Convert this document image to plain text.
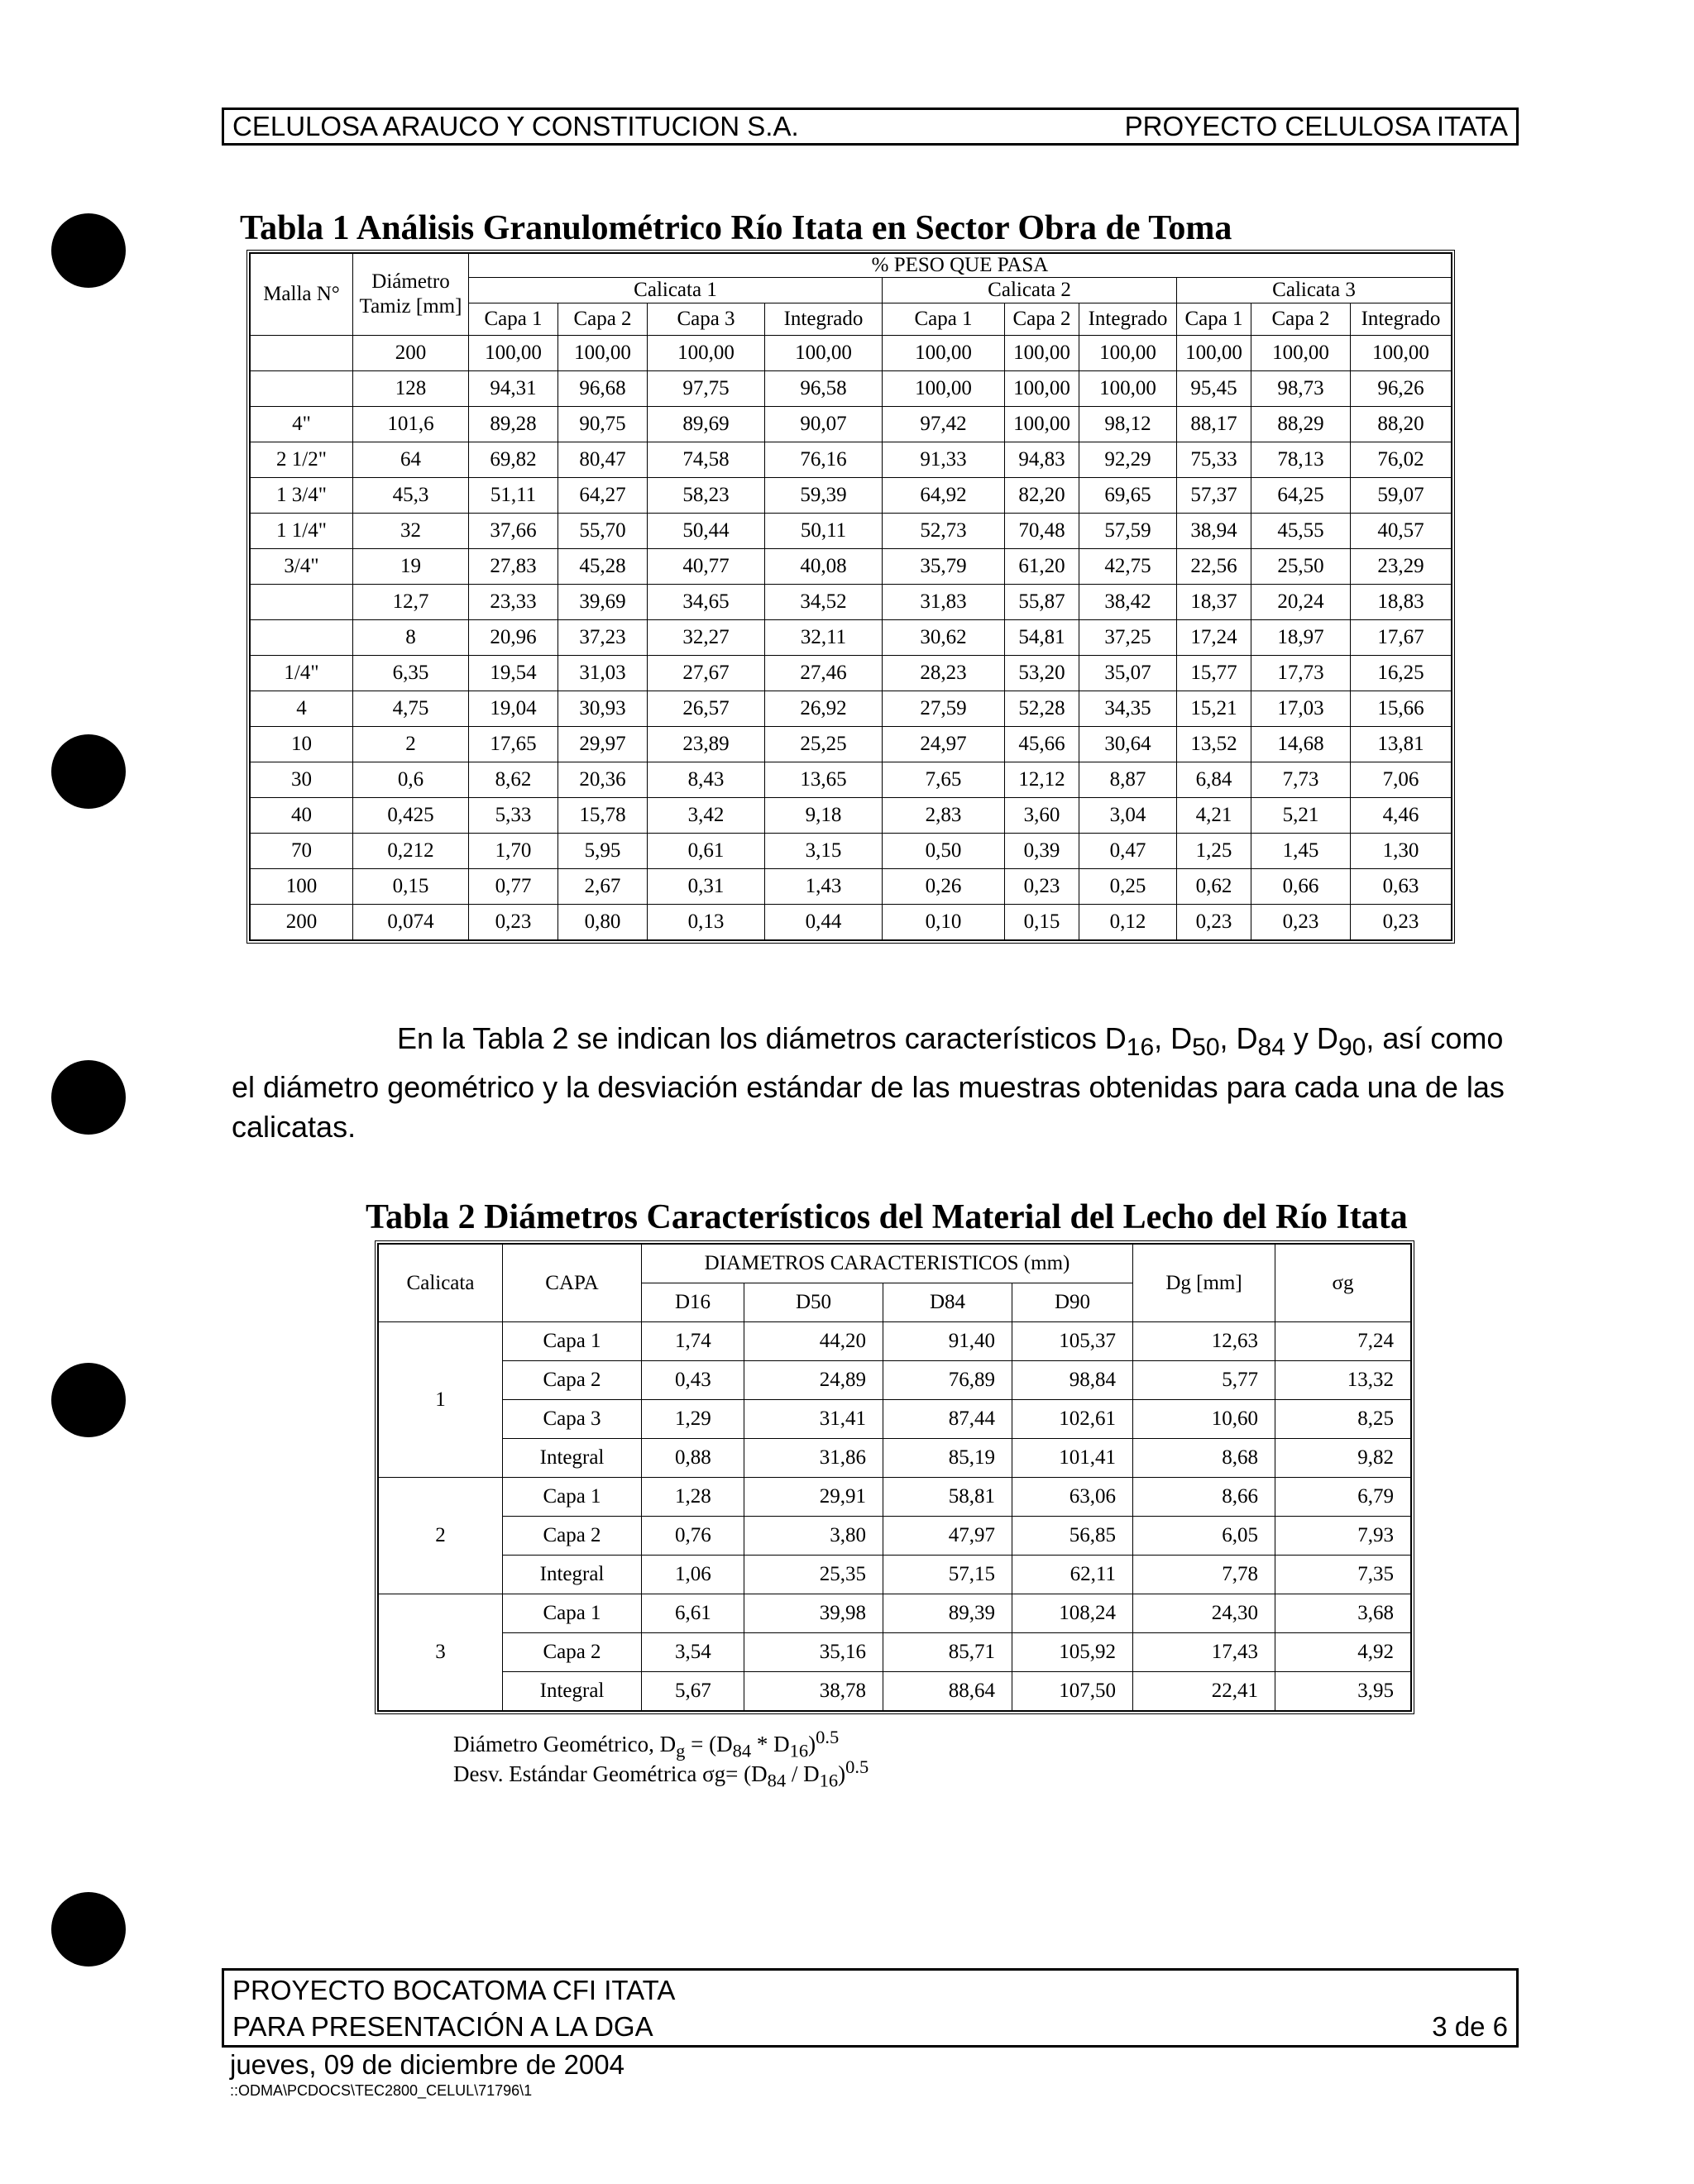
CELULOSA ARAUCO Y CONSTITUCION S.A.	PROYECTO CELULOSA ITATA
Tabla 1 Análisis Granulométrico Río Itata en Sector Obra de Toma
Malla N°	Diámetro Tamiz [mm]	% PESO QUE PASA									
		Calicata 1				Calicata 2			Calicata 3		
		Capa 1	Capa 2	Capa 3	Integrado	Capa 1	Capa 2	Integrado	Capa 1	Capa 2	Integrado
	200	100,00	100,00	100,00	100,00	100,00	100,00	100,00	100,00	100,00	100,00
	128	94,31	96,68	97,75	96,58	100,00	100,00	100,00	95,45	98,73	96,26
4"	101,6	89,28	90,75	89,69	90,07	97,42	100,00	98,12	88,17	88,29	88,20
2 1/2"	64	69,82	80,47	74,58	76,16	91,33	94,83	92,29	75,33	78,13	76,02
1 3/4"	45,3	51,11	64,27	58,23	59,39	64,92	82,20	69,65	57,37	64,25	59,07
1 1/4"	32	37,66	55,70	50,44	50,11	52,73	70,48	57,59	38,94	45,55	40,57
3/4"	19	27,83	45,28	40,77	40,08	35,79	61,20	42,75	22,56	25,50	23,29
	12,7	23,33	39,69	34,65	34,52	31,83	55,87	38,42	18,37	20,24	18,83
	8	20,96	37,23	32,27	32,11	30,62	54,81	37,25	17,24	18,97	17,67
1/4"	6,35	19,54	31,03	27,67	27,46	28,23	53,20	35,07	15,77	17,73	16,25
4	4,75	19,04	30,93	26,57	26,92	27,59	52,28	34,35	15,21	17,03	15,66
10	2	17,65	29,97	23,89	25,25	24,97	45,66	30,64	13,52	14,68	13,81
30	0,6	8,62	20,36	8,43	13,65	7,65	12,12	8,87	6,84	7,73	7,06
40	0,425	5,33	15,78	3,42	9,18	2,83	3,60	3,04	4,21	5,21	4,46
70	0,212	1,70	5,95	0,61	3,15	0,50	0,39	0,47	1,25	1,45	1,30
100	0,15	0,77	2,67	0,31	1,43	0,26	0,23	0,25	0,62	0,66	0,63
200	0,074	0,23	0,80	0,13	0,44	0,10	0,15	0,12	0,23	0,23	0,23
En la Tabla 2 se indican los diámetros característicos $D_{16}$, $D_{50}$, $D_{84}$ y $D_{90}$, así como el diámetro geométrico y la desviación estándar de las muestras obtenidas para cada una de las calicatas.
Tabla 2 Diámetros Característicos del Material del Lecho del Río Itata
Calicata	CAPA	DIAMETROS CARACTERISTICOS (mm)				Dg [mm]	σg
		D16	D50	D84	D90		
1	Capa 1	1,74	44,20	91,40	105,37	12,63	7,24
	Capa 2	0,43	24,89	76,89	98,84	5,77	13,32
	Capa 3	1,29	31,41	87,44	102,61	10,60	8,25
	Integral	0,88	31,86	85,19	101,41	8,68	9,82
2	Capa 1	1,28	29,91	58,81	63,06	8,66	6,79
	Capa 2	0,76	3,80	47,97	56,85	6,05	7,93
	Integral	1,06	25,35	57,15	62,11	7,78	7,35
3	Capa 1	6,61	39,98	89,39	108,24	24,30	3,68
	Capa 2	3,54	35,16	85,71	105,92	17,43	4,92
	Integral	5,67	38,78	88,64	107,50	22,41	3,95
Diámetro Geométrico, $D_g = (D_{84} * D_{16})^{0.5}$
Desv. Estándar Geométrica $\sigma g= (D_{84} / D_{16})^{0.5}$
PROYECTO BOCATOMA CFI ITATA
PARA PRESENTACIÓN A LA DGA	3 de 6
jueves, 09 de diciembre de 2004
::ODMA\PCDOCS\TEC2800_CELUL\71796\1
